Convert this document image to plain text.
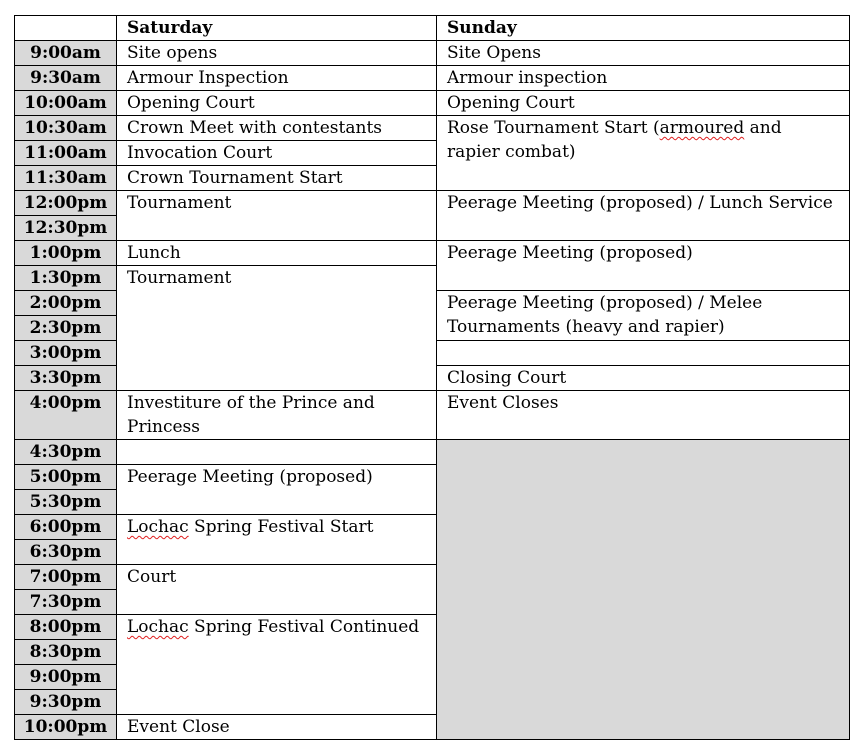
	Saturday	Sunday
9:00am	Site opens	Site Opens
9:30am	Armour Inspection	Armour inspection
10:00am	Opening Court	Opening Court
10:30am	Crown Meet with contestants	Rose Tournament Start (armoured and rapier combat)
11:00am	Invocation Court	
11:30am	Crown Tournament Start	
12:00pm	Tournament	Peerage Meeting (proposed) / Lunch Service
12:30pm		
1:00pm	Lunch	Peerage Meeting (proposed)
1:30pm	Tournament	
2:00pm		Peerage Meeting (proposed) / Melee Tournaments (heavy and rapier)
2:30pm		
3:00pm		
3:30pm		Closing Court
4:00pm	Investiture of the Prince and Princess	Event Closes
4:30pm		
5:00pm	Peerage Meeting (proposed)	
5:30pm		
6:00pm	Lochac Spring Festival Start	
6:30pm		
7:00pm	Court	
7:30pm		
8:00pm	Lochac Spring Festival Continued	
8:30pm		
9:00pm		
9:30pm		
10:00pm	Event Close	
